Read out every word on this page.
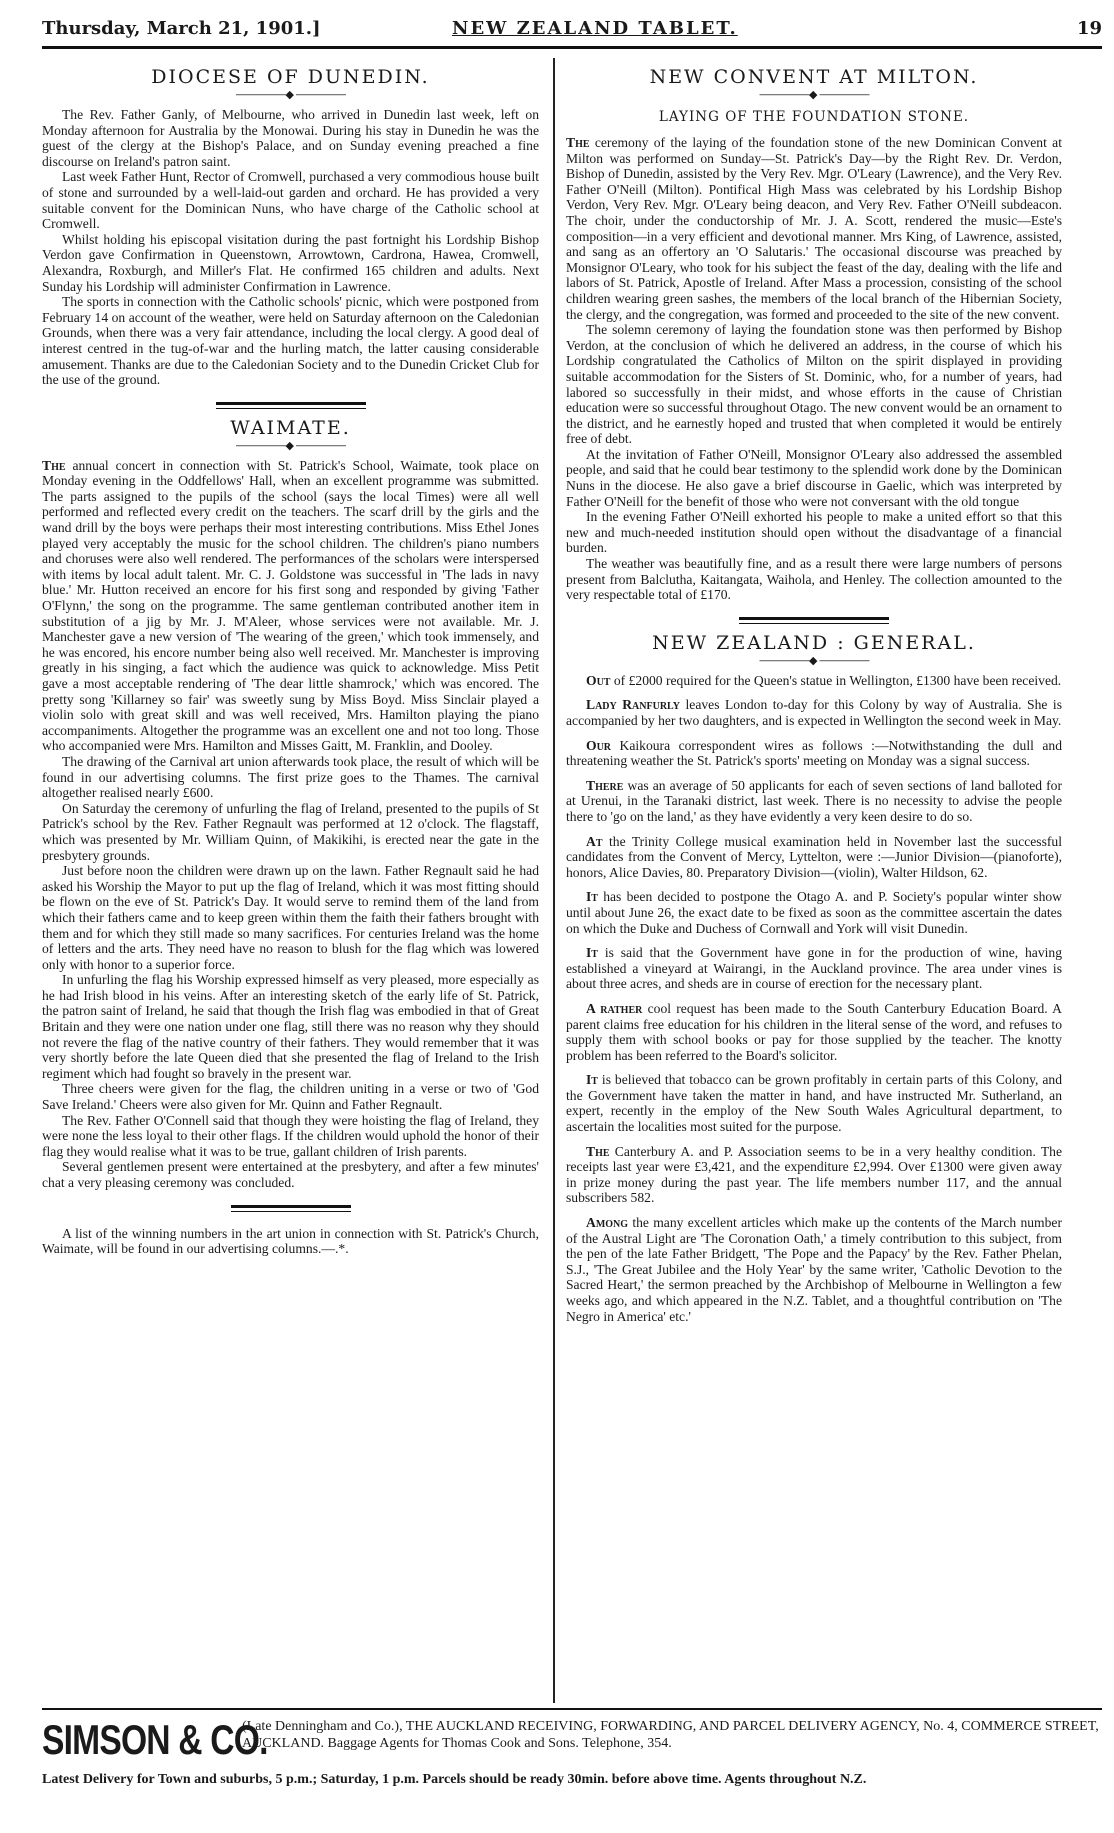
Thursday, March 21, 1901.]	NEW ZEALAND TABLET.	19
DIOCESE OF DUNEDIN.
————— ◆ —————

The Rev. Father Ganly, of Melbourne, who arrived in Dunedin last week, left on Monday afternoon for Australia by the Monowai. During his stay in Dunedin he was the guest of the clergy at the Bishop's Palace, and on Sunday evening preached a fine discourse on Ireland's patron saint.

Last week Father Hunt, Rector of Cromwell, purchased a very commodious house built of stone and surrounded by a well-laid-out garden and orchard. He has provided a very suitable convent for the Dominican Nuns, who have charge of the Catholic school at Cromwell.

Whilst holding his episcopal visitation during the past fortnight his Lordship Bishop Verdon gave Confirmation in Queenstown, Arrowtown, Cardrona, Hawea, Cromwell, Alexandra, Roxburgh, and Miller's Flat. He confirmed 165 children and adults. Next Sunday his Lordship will administer Confirmation in Lawrence.

The sports in connection with the Catholic schools' picnic, which were postponed from February 14 on account of the weather, were held on Saturday afternoon on the Caledonian Grounds, when there was a very fair attendance, including the local clergy. A good deal of interest centred in the tug-of-war and the hurling match, the latter causing considerable amusement. Thanks are due to the Caledonian Society and to the Dunedin Cricket Club for the use of the ground.

WAIMATE.
————— ◆ —————

The annual concert in connection with St. Patrick's School, Waimate, took place on Monday evening in the Oddfellows' Hall, when an excellent programme was submitted. The parts assigned to the pupils of the school (says the local Times) were all well performed and reflected every credit on the teachers. The scarf drill by the girls and the wand drill by the boys were perhaps their most interesting contributions. Miss Ethel Jones played very acceptably the music for the school children. The children's piano numbers and choruses were also well rendered. The performances of the scholars were interspersed with items by local adult talent. Mr. C. J. Goldstone was successful in 'The lads in navy blue.' Mr. Hutton received an encore for his first song and responded by giving 'Father O'Flynn,' the song on the programme. The same gentleman contributed another item in substitution of a jig by Mr. J. M'Aleer, whose services were not available. Mr. J. Manchester gave a new version of 'The wearing of the green,' which took immensely, and he was encored, his encore number being also well received. Mr. Manchester is improving greatly in his singing, a fact which the audience was quick to acknowledge. Miss Petit gave a most acceptable rendering of 'The dear little shamrock,' which was encored. The pretty song 'Killarney so fair' was sweetly sung by Miss Boyd. Miss Sinclair played a violin solo with great skill and was well received, Mrs. Hamilton playing the piano accompaniments. Altogether the programme was an excellent one and not too long. Those who accompanied were Mrs. Hamilton and Misses Gaitt, M. Franklin, and Dooley.

The drawing of the Carnival art union afterwards took place, the result of which will be found in our advertising columns. The first prize goes to the Thames. The carnival altogether realised nearly £600.

On Saturday the ceremony of unfurling the flag of Ireland, presented to the pupils of St Patrick's school by the Rev. Father Regnault was performed at 12 o'clock. The flagstaff, which was presented by Mr. William Quinn, of Makikihi, is erected near the gate in the presbytery grounds.

Just before noon the children were drawn up on the lawn. Father Regnault said he had asked his Worship the Mayor to put up the flag of Ireland, which it was most fitting should be flown on the eve of St. Patrick's Day. It would serve to remind them of the land from which their fathers came and to keep green within them the faith their fathers brought with them and for which they still made so many sacrifices. For centuries Ireland was the home of letters and the arts. They need have no reason to blush for the flag which was lowered only with honor to a superior force.

In unfurling the flag his Worship expressed himself as very pleased, more especially as he had Irish blood in his veins. After an interesting sketch of the early life of St. Patrick, the patron saint of Ireland, he said that though the Irish flag was embodied in that of Great Britain and they were one nation under one flag, still there was no reason why they should not revere the flag of the native country of their fathers. They would remember that it was very shortly before the late Queen died that she presented the flag of Ireland to the Irish regiment which had fought so bravely in the present war.

Three cheers were given for the flag, the children uniting in a verse or two of 'God Save Ireland.' Cheers were also given for Mr. Quinn and Father Regnault.

The Rev. Father O'Connell said that though they were hoisting the flag of Ireland, they were none the less loyal to their other flags. If the children would uphold the honor of their flag they would realise what it was to be true, gallant children of Irish parents.

Several gentlemen present were entertained at the presbytery, and after a few minutes' chat a very pleasing ceremony was concluded.

A list of the winning numbers in the art union in connection with St. Patrick's Church, Waimate, will be found in our advertising columns.—.*.

NEW CONVENT AT MILTON.
————— ◆ —————
LAYING OF THE FOUNDATION STONE.

The ceremony of the laying of the foundation stone of the new Dominican Convent at Milton was performed on Sunday—St. Patrick's Day—by the Right Rev. Dr. Verdon, Bishop of Dunedin, assisted by the Very Rev. Mgr. O'Leary (Lawrence), and the Very Rev. Father O'Neill (Milton). Pontifical High Mass was celebrated by his Lordship Bishop Verdon, Very Rev. Mgr. O'Leary being deacon, and Very Rev. Father O'Neill subdeacon. The choir, under the conductorship of Mr. J. A. Scott, rendered the music—Este's composition—in a very efficient and devotional manner. Mrs King, of Lawrence, assisted, and sang as an offertory an 'O Salutaris.' The occasional discourse was preached by Monsignor O'Leary, who took for his subject the feast of the day, dealing with the life and labors of St. Patrick, Apostle of Ireland. After Mass a procession, consisting of the school children wearing green sashes, the members of the local branch of the Hibernian Society, the clergy, and the congregation, was formed and proceeded to the site of the new convent.

The solemn ceremony of laying the foundation stone was then performed by Bishop Verdon, at the conclusion of which he delivered an address, in the course of which his Lordship congratulated the Catholics of Milton on the spirit displayed in providing suitable accommodation for the Sisters of St. Dominic, who, for a number of years, had labored so successfully in their midst, and whose efforts in the cause of Christian education were so successful throughout Otago. The new convent would be an ornament to the district, and he earnestly hoped and trusted that when completed it would be entirely free of debt.

At the invitation of Father O'Neill, Monsignor O'Leary also addressed the assembled people, and said that he could bear testimony to the splendid work done by the Dominican Nuns in the diocese. He also gave a brief discourse in Gaelic, which was interpreted by Father O'Neill for the benefit of those who were not conversant with the old tongue

In the evening Father O'Neill exhorted his people to make a united effort so that this new and much-needed institution should open without the disadvantage of a financial burden.

The weather was beautifully fine, and as a result there were large numbers of persons present from Balclutha, Kaitangata, Waihola, and Henley. The collection amounted to the very respectable total of £170.

NEW ZEALAND : GENERAL.
————— ◆ —————

Out of £2000 required for the Queen's statue in Wellington, £1300 have been received.

Lady Ranfurly leaves London to-day for this Colony by way of Australia. She is accompanied by her two daughters, and is expected in Wellington the second week in May.

Our Kaikoura correspondent wires as follows :—Notwithstanding the dull and threatening weather the St. Patrick's sports' meeting on Monday was a signal success.

There was an average of 50 applicants for each of seven sections of land balloted for at Urenui, in the Taranaki district, last week. There is no necessity to advise the people there to 'go on the land,' as they have evidently a very keen desire to do so.

At the Trinity College musical examination held in November last the successful candidates from the Convent of Mercy, Lyttelton, were :—Junior Division—(pianoforte), honors, Alice Davies, 80. Preparatory Division—(violin), Walter Hildson, 62.

It has been decided to postpone the Otago A. and P. Society's popular winter show until about June 26, the exact date to be fixed as soon as the committee ascertain the dates on which the Duke and Duchess of Cornwall and York will visit Dunedin.

It is said that the Government have gone in for the production of wine, having established a vineyard at Wairangi, in the Auckland province. The area under vines is about three acres, and sheds are in course of erection for the necessary plant.

A rather cool request has been made to the South Canterbury Education Board. A parent claims free education for his children in the literal sense of the word, and refuses to supply them with school books or pay for those supplied by the teacher. The knotty problem has been referred to the Board's solicitor.

It is believed that tobacco can be grown profitably in certain parts of this Colony, and the Government have taken the matter in hand, and have instructed Mr. Sutherland, an expert, recently in the employ of the New South Wales Agricultural department, to ascertain the localities most suited for the purpose.

The Canterbury A. and P. Association seems to be in a very healthy condition. The receipts last year were £3,421, and the expenditure £2,994. Over £1300 were given away in prize money during the past year. The life members number 117, and the annual subscribers 582.

Among the many excellent articles which make up the contents of the March number of the Austral Light are 'The Coronation Oath,' a timely contribution to this subject, from the pen of the late Father Bridgett, 'The Pope and the Papacy' by the Rev. Father Phelan, S.J., 'The Great Jubilee and the Holy Year' by the same writer, 'Catholic Devotion to the Sacred Heart,' the sermon preached by the Archbishop of Melbourne in Wellington a few weeks ago, and which appeared in the N.Z. Tablet, and a thoughtful contribution on 'The Negro in America' etc.'

SIMSON & CO.
(Late Denningham and Co.), THE AUCKLAND RECEIVING, FORWARDING, AND PARCEL DELIVERY AGENCY, No. 4, COMMERCE STREET, AUCKLAND. Baggage Agents for Thomas Cook and Sons. Telephone, 354.
Latest Delivery for Town and suburbs, 5 p.m.; Saturday, 1 p.m. Parcels should be ready 30min. before above time. Agents throughout N.Z.
